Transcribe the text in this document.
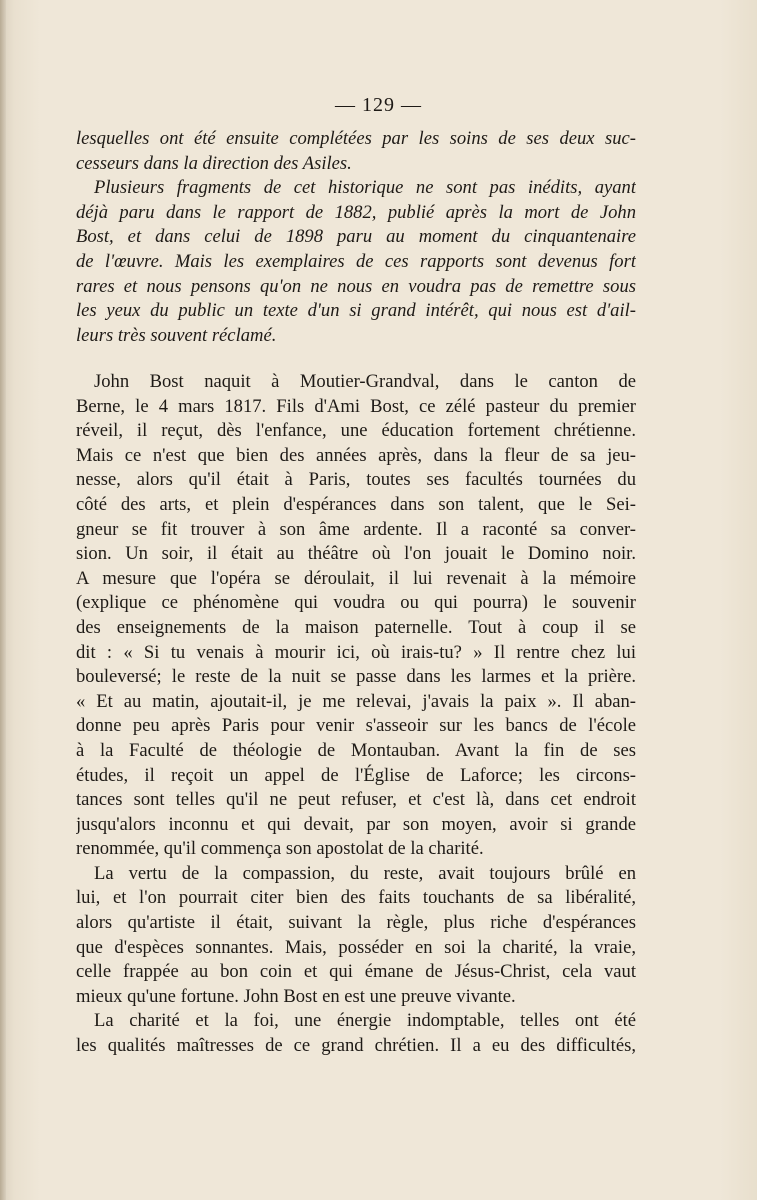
— 129 —
lesquelles ont été ensuite complétées par les soins de ses deux suc-
cesseurs dans la direction des Asiles.
Plusieurs fragments de cet historique ne sont pas inédits, ayant
déjà paru dans le rapport de 1882, publié après la mort de John
Bost, et dans celui de 1898 paru au moment du cinquantenaire
de l'œuvre. Mais les exemplaires de ces rapports sont devenus fort
rares et nous pensons qu'on ne nous en voudra pas de remettre sous
les yeux du public un texte d'un si grand intérêt, qui nous est d'ail-
leurs très souvent réclamé.
John Bost naquit à Moutier-Grandval, dans le canton de
Berne, le 4 mars 1817. Fils d'Ami Bost, ce zélé pasteur du premier
réveil, il reçut, dès l'enfance, une éducation fortement chrétienne.
Mais ce n'est que bien des années après, dans la fleur de sa jeu-
nesse, alors qu'il était à Paris, toutes ses facultés tournées du
côté des arts, et plein d'espérances dans son talent, que le Sei-
gneur se fit trouver à son âme ardente. Il a raconté sa conver-
sion. Un soir, il était au théâtre où l'on jouait le Domino noir.
A mesure que l'opéra se déroulait, il lui revenait à la mémoire
(explique ce phénomène qui voudra ou qui pourra) le souvenir
des enseignements de la maison paternelle. Tout à coup il se
dit : « Si tu venais à mourir ici, où irais-tu? » Il rentre chez lui
bouleversé; le reste de la nuit se passe dans les larmes et la prière.
« Et au matin, ajoutait-il, je me relevai, j'avais la paix ». Il aban-
donne peu après Paris pour venir s'asseoir sur les bancs de l'école
à la Faculté de théologie de Montauban. Avant la fin de ses
études, il reçoit un appel de l'Église de Laforce; les circons-
tances sont telles qu'il ne peut refuser, et c'est là, dans cet endroit
jusqu'alors inconnu et qui devait, par son moyen, avoir si grande
renommée, qu'il commença son apostolat de la charité.
La vertu de la compassion, du reste, avait toujours brûlé en
lui, et l'on pourrait citer bien des faits touchants de sa libéralité,
alors qu'artiste il était, suivant la règle, plus riche d'espérances
que d'espèces sonnantes. Mais, posséder en soi la charité, la vraie,
celle frappée au bon coin et qui émane de Jésus-Christ, cela vaut
mieux qu'une fortune. John Bost en est une preuve vivante.
La charité et la foi, une énergie indomptable, telles ont été
les qualités maîtresses de ce grand chrétien. Il a eu des difficultés,
